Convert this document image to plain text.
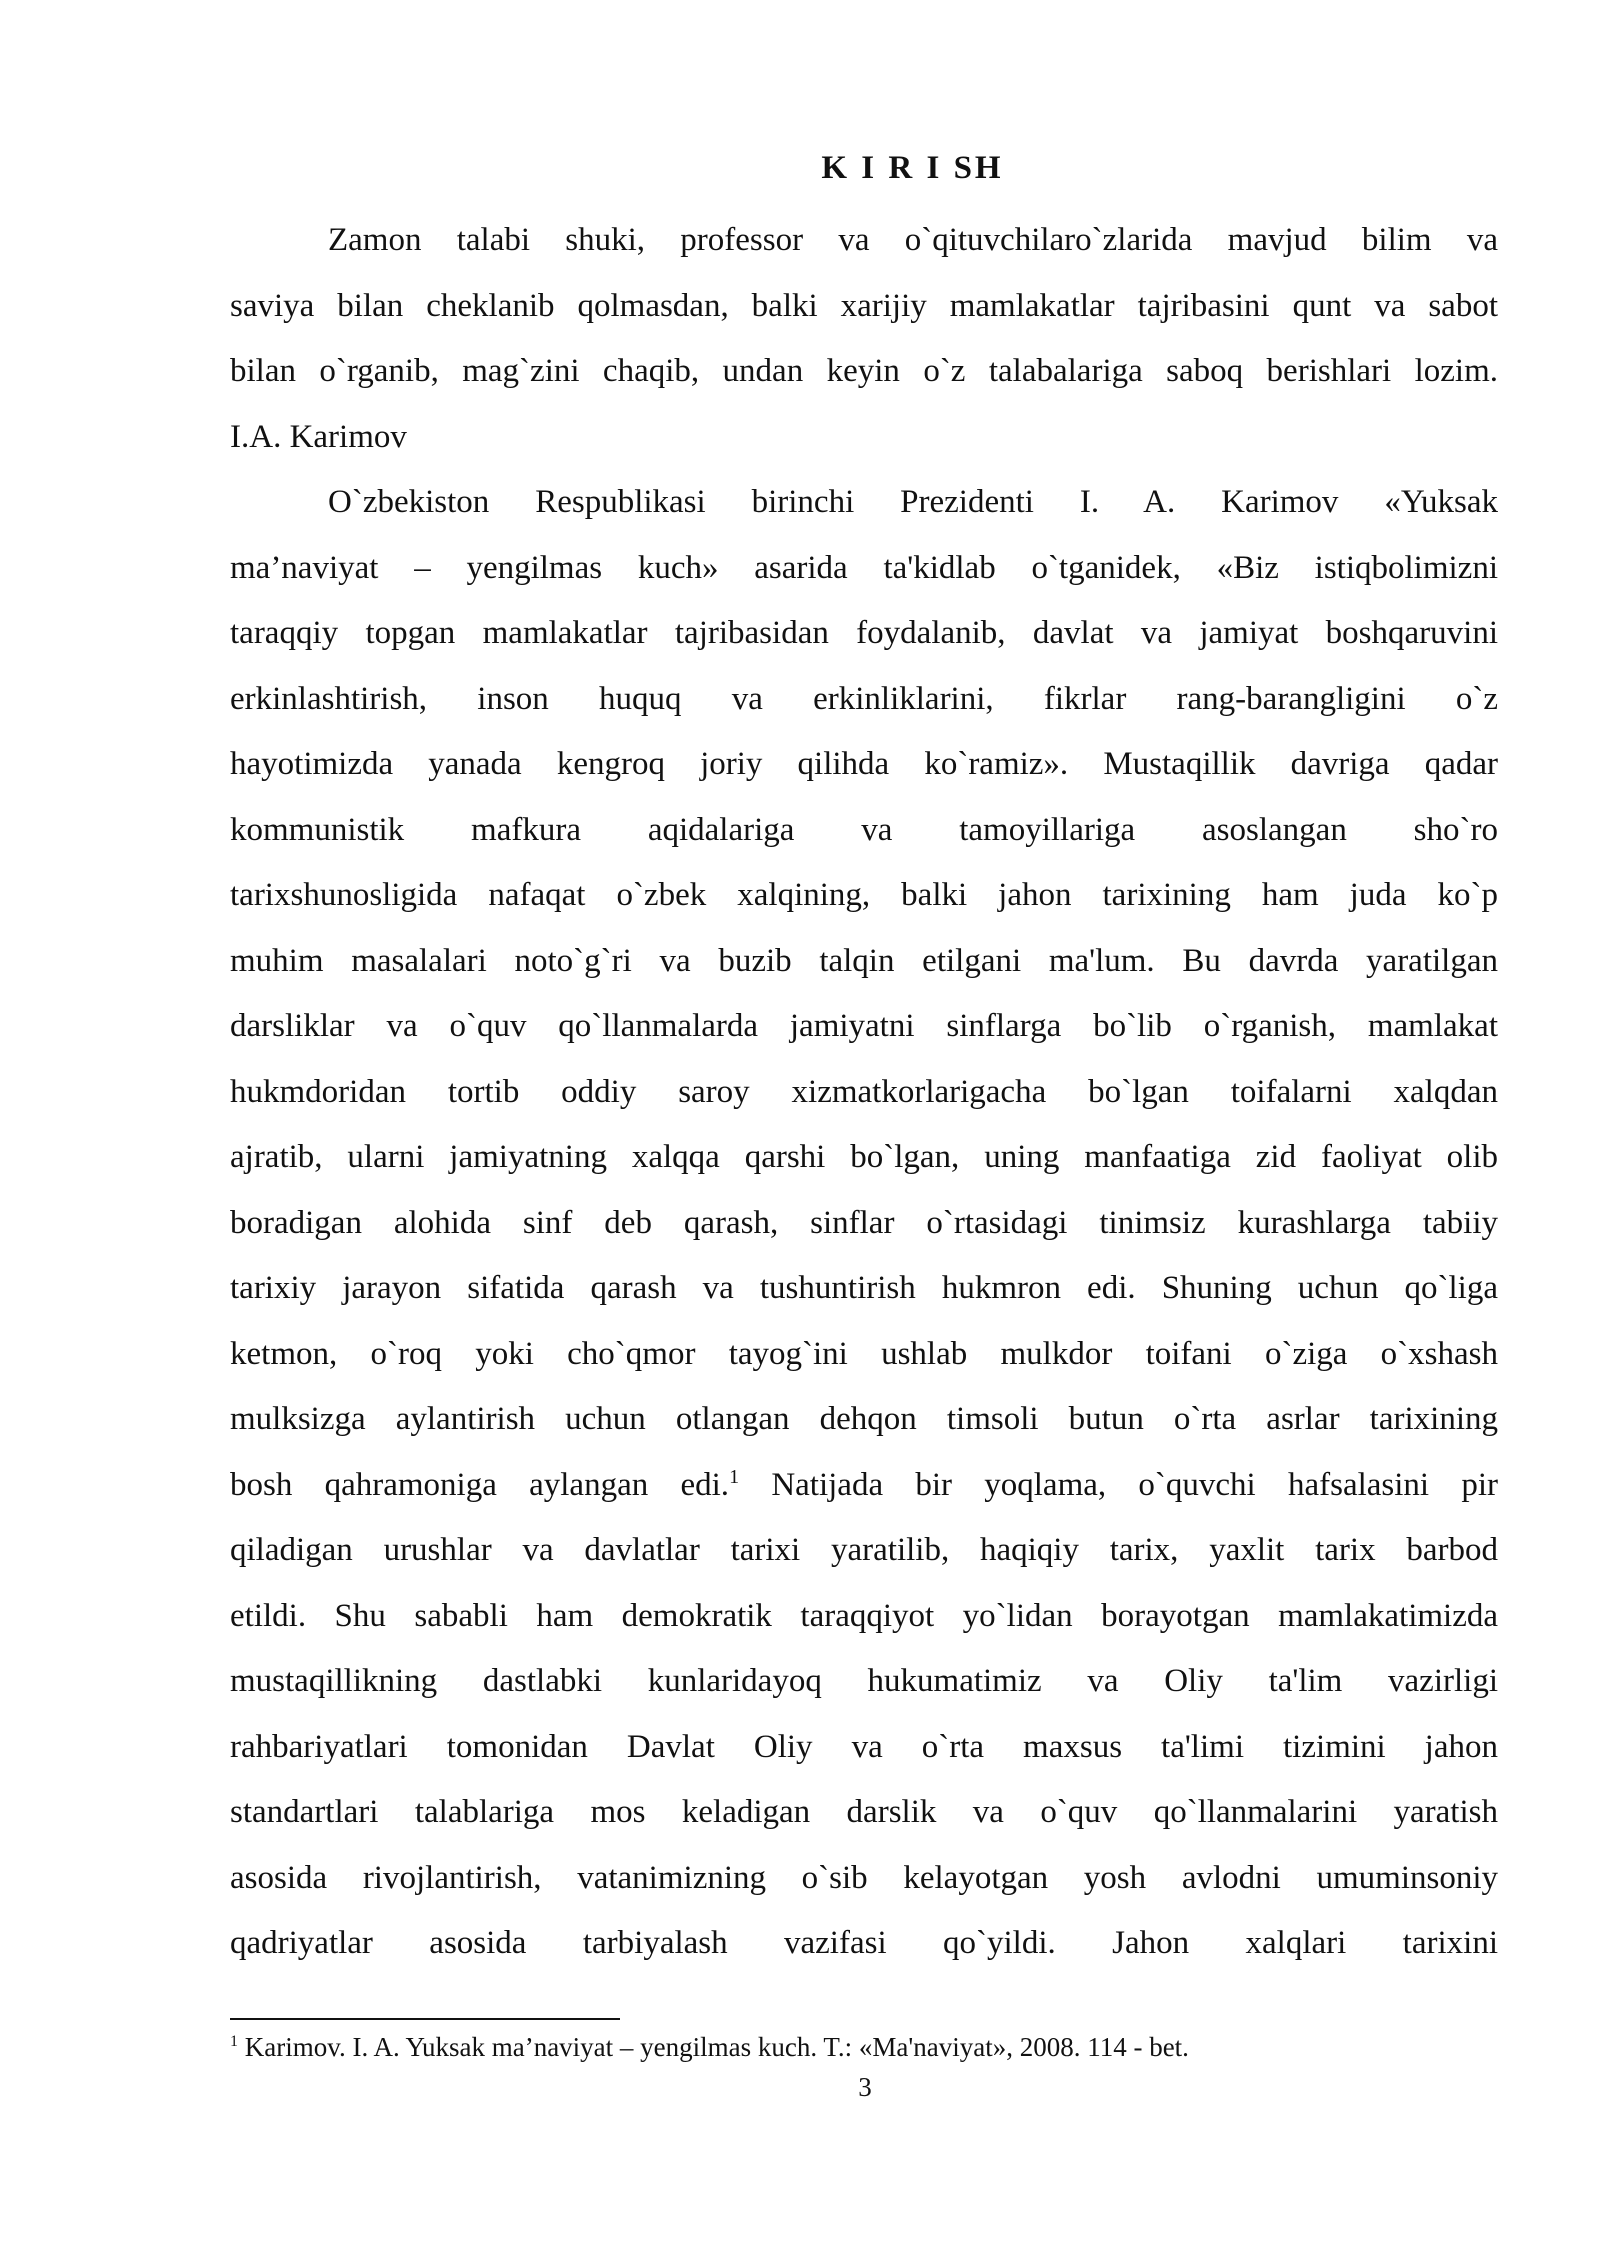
K I R I SH
Zamon talabi shuki, professor va o`qituvchilaro`zlarida mavjud bilim va
saviya bilan cheklanib qolmasdan, balki xarijiy mamlakatlar tajribasini qunt va sabot
bilan o`rganib, mag`zini chaqib, undan keyin o`z talabalariga saboq berishlari lozim.
I.A. Karimov
O`zbekiston Respublikasi birinchi Prezidenti I. A. Karimov «Yuksak
ma’naviyat – yengilmas kuch» asarida ta'kidlab o`tganidek, «Biz istiqbolimizni
taraqqiy topgan mamlakatlar tajribasidan foydalanib, davlat va jamiyat boshqaruvini
erkinlashtirish, inson huquq va erkinliklarini, fikrlar rang-barangligini o`z
hayotimizda yanada kengroq joriy qilihda ko`ramiz». Mustaqillik davriga qadar
kommunistik mafkura aqidalariga va tamoyillariga asoslangan sho`ro
tarixshunosligida nafaqat o`zbek xalqining, balki jahon tarixining ham juda ko`p
muhim masalalari noto`g`ri va buzib talqin etilgani ma'lum. Bu davrda yaratilgan
darsliklar va o`quv qo`llanmalarda jamiyatni sinflarga bo`lib o`rganish, mamlakat
hukmdoridan tortib oddiy saroy xizmatkorlarigacha bo`lgan toifalarni xalqdan
ajratib, ularni jamiyatning xalqqa qarshi bo`lgan, uning manfaatiga zid faoliyat olib
boradigan alohida sinf deb qarash, sinflar o`rtasidagi tinimsiz kurashlarga tabiiy
tarixiy jarayon sifatida qarash va tushuntirish hukmron edi. Shuning uchun qo`liga
ketmon, o`roq yoki cho`qmor tayog`ini ushlab mulkdor toifani o`ziga o`xshash
mulksizga aylantirish uchun otlangan dehqon timsoli butun o`rta asrlar tarixining
bosh qahramoniga aylangan edi.$^1$ Natijada bir yoqlama, o`quvchi hafsalasini pir
qiladigan urushlar va davlatlar tarixi yaratilib, haqiqiy tarix, yaxlit tarix barbod
etildi. Shu sababli ham demokratik taraqqiyot yo`lidan borayotgan mamlakatimizda
mustaqillikning dastlabki kunlaridayoq hukumatimiz va Oliy ta'lim vazirligi
rahbariyatlari tomonidan Davlat Oliy va o`rta maxsus ta'limi tizimini jahon
standartlari talablariga mos keladigan darslik va o`quv qo`llanmalarini yaratish
asosida rivojlantirish, vatanimizning o`sib kelayotgan yosh avlodni umuminsoniy
qadriyatlar asosida tarbiyalash vazifasi qo`yildi. Jahon xalqlari tarixini
$^1$ Karimov. I. A. Yuksak ma’naviyat – yengilmas kuch. T.: «Ma'naviyat», 2008. 114 - bet.
3
